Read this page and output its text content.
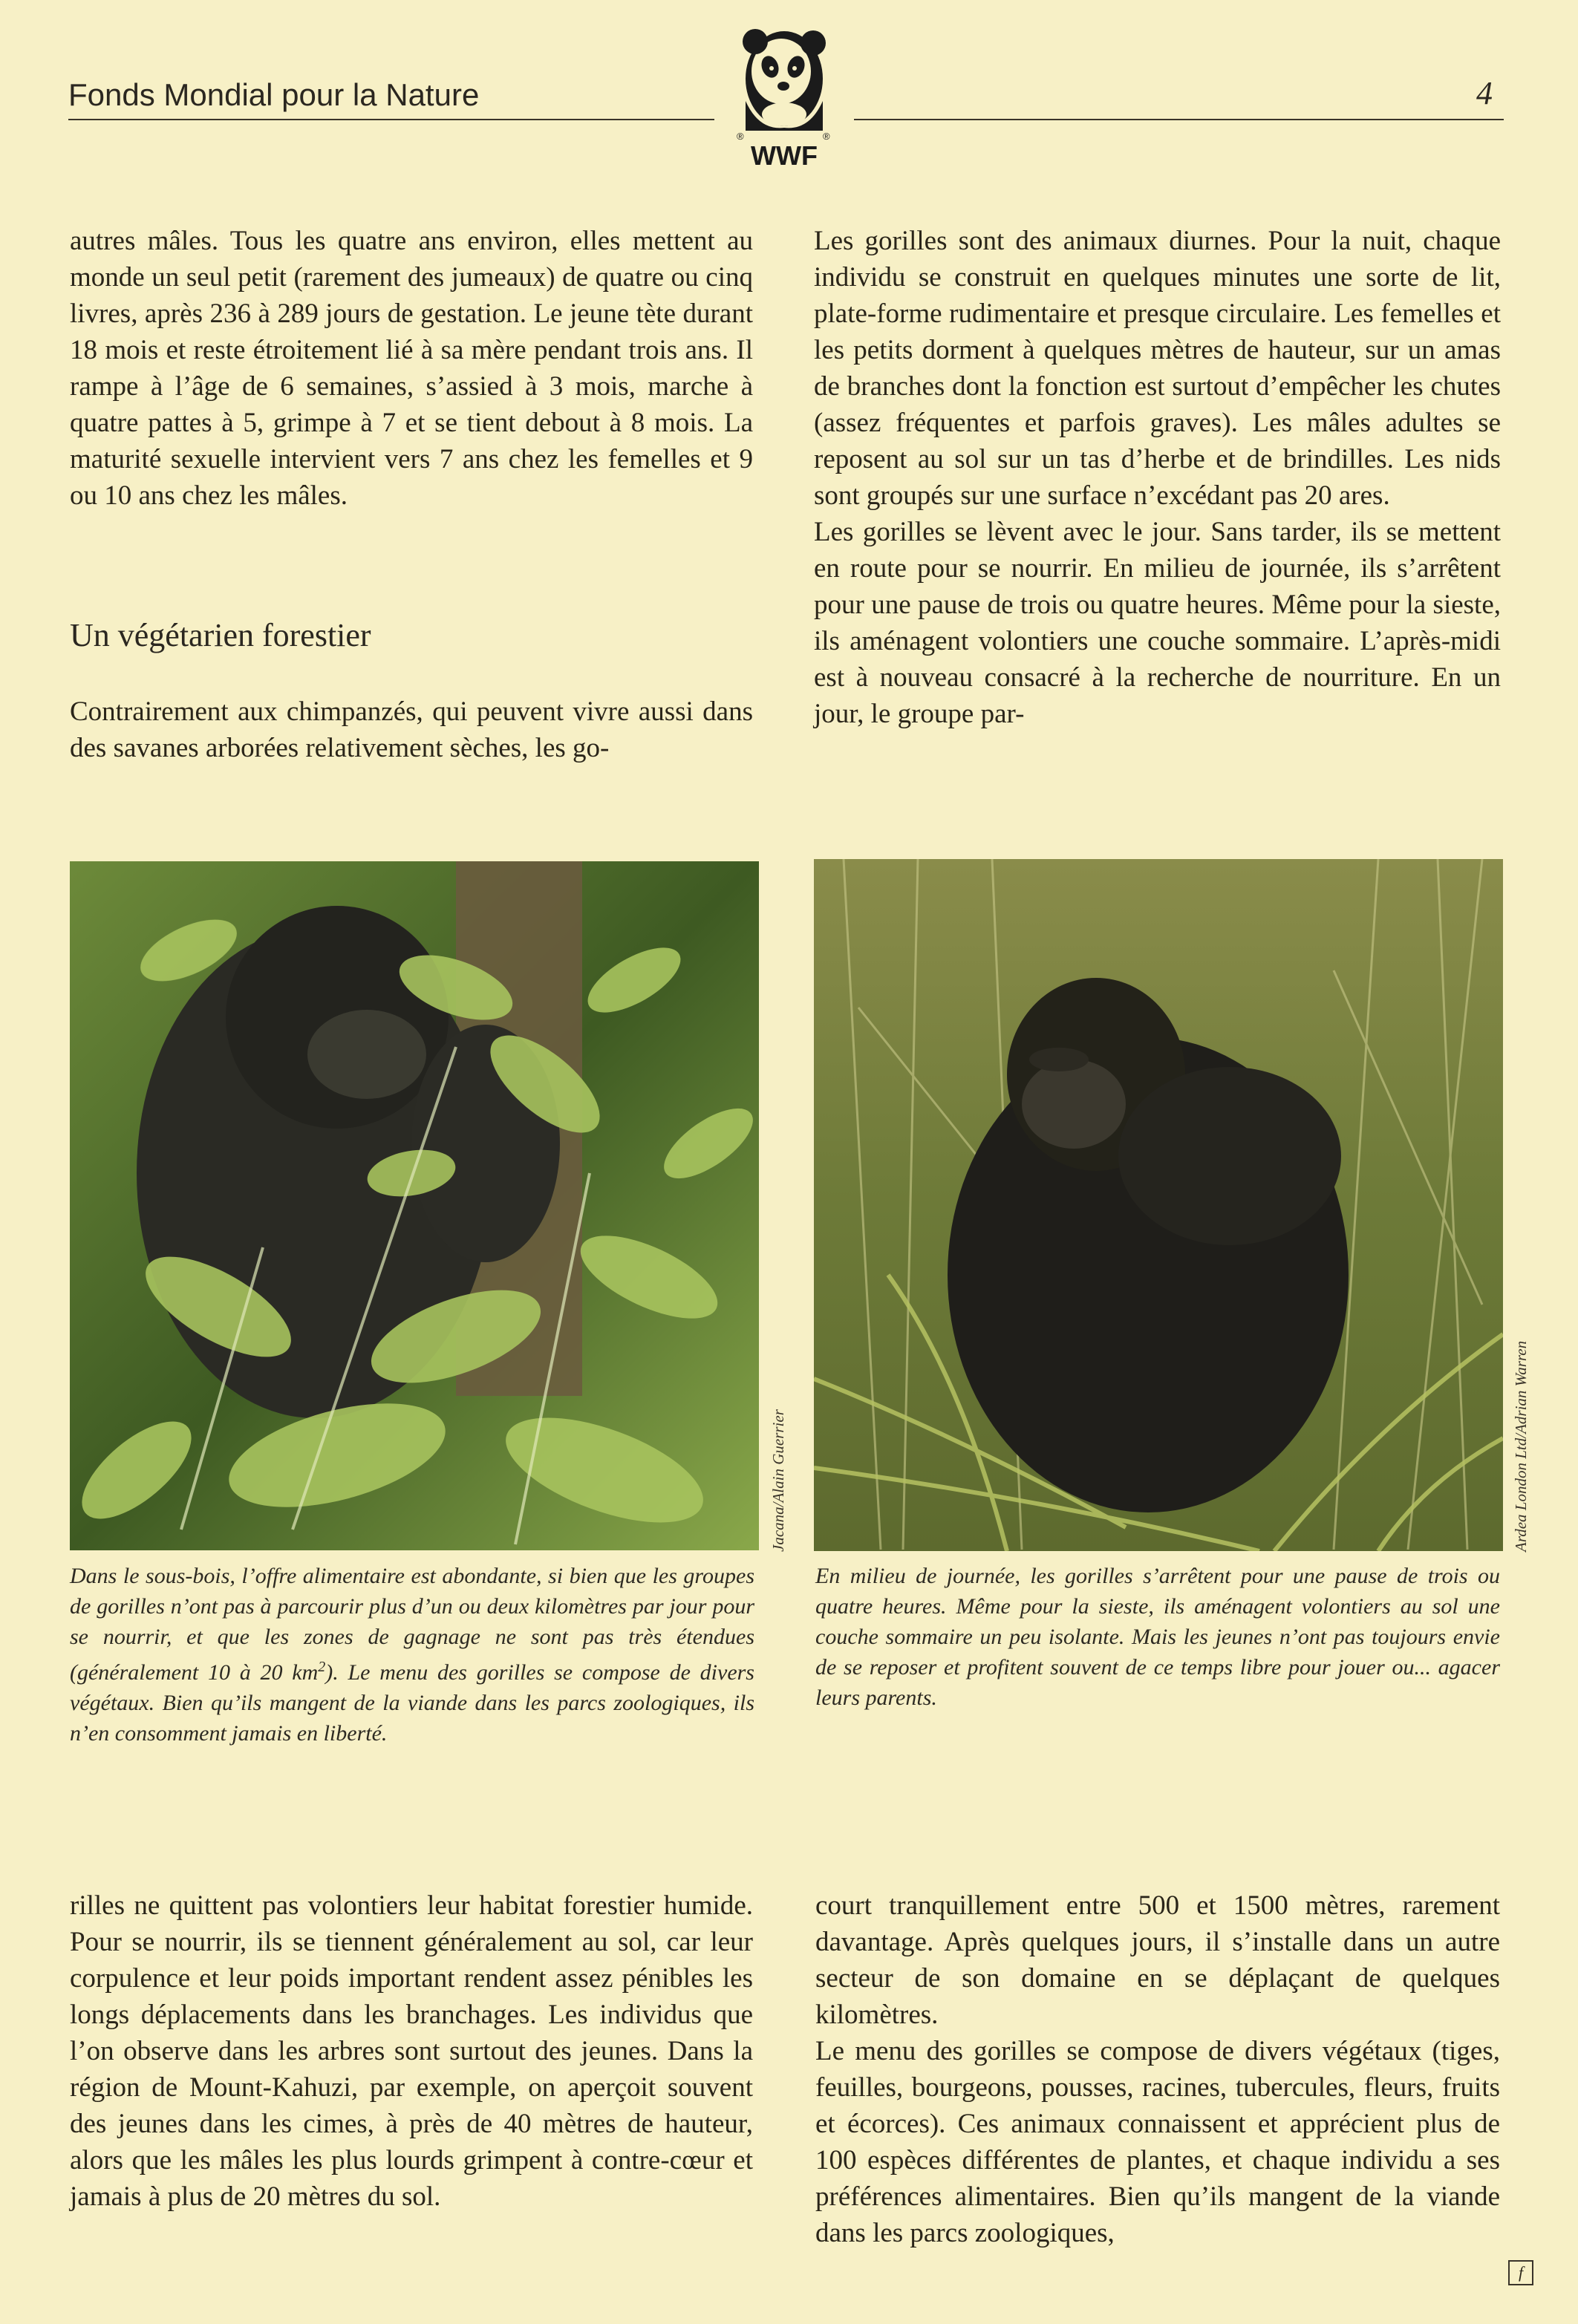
Fonds Mondial pour la Nature	4
®	®
WWF

autres mâles. Tous les quatre ans environ, elles mettent au monde un seul petit (rarement des jumeaux) de quatre ou cinq livres, après 236 à 289 jours de gestation. Le jeune tète durant 18 mois et reste étroitement lié à sa mère pendant trois ans. Il rampe à l’âge de 6 semaines, s’assied à 3 mois, marche à quatre pattes à 5, grimpe à 7 et se tient debout à 8 mois. La maturité sexuelle intervient vers 7 ans chez les femelles et 9 ou 10 ans chez les mâles.

Un végétarien forestier

Contrairement aux chimpanzés, qui peuvent vivre aussi dans des savanes arborées relativement sèches, les go-

Les gorilles sont des animaux diurnes. Pour la nuit, chaque individu se construit en quelques minutes une sorte de lit, plate-forme rudimentaire et presque circulaire. Les femelles et les petits dorment à quelques mètres de hauteur, sur un amas de branches dont la fonction est surtout d’empêcher les chutes (assez fréquentes et parfois graves). Les mâles adultes se reposent au sol sur un tas d’herbe et de brindilles. Les nids sont groupés sur une surface n’excédant pas 20 ares.

Les gorilles se lèvent avec le jour. Sans tarder, ils se mettent en route pour se nourrir. En milieu de journée, ils s’arrêtent pour une pause de trois ou quatre heures. Même pour la sieste, ils aménagent volontiers une couche sommaire. L’après-midi est à nouveau consacré à la recherche de nourriture. En un jour, le groupe par-

Jacana/Alain Guerrier	Ardea London Ltd/Adrian Warren
Dans le sous-bois, l’offre alimentaire est abondante, si bien que les groupes de gorilles n’ont pas à parcourir plus d’un ou deux kilomètres par jour pour se nourrir, et que les zones de gagnage ne sont pas très étendues (généralement 10 à 20 $km^2$). Le menu des gorilles se compose de divers végétaux. Bien qu’ils mangent de la viande dans les parcs zoologiques, ils n’en consomment jamais en liberté.
En milieu de journée, les gorilles s’arrêtent pour une pause de trois ou quatre heures. Même pour la sieste, ils aménagent volontiers au sol une couche sommaire un peu isolante. Mais les jeunes n’ont pas toujours envie de se reposer et profitent souvent de ce temps libre pour jouer ou... agacer leurs parents.

rilles ne quittent pas volontiers leur habitat forestier humide. Pour se nourrir, ils se tiennent généralement au sol, car leur corpulence et leur poids important rendent assez pénibles les longs déplacements dans les branchages. Les individus que l’on observe dans les arbres sont surtout des jeunes. Dans la région de Mount-Kahuzi, par exemple, on aperçoit souvent des jeunes dans les cimes, à près de 40 mètres de hauteur, alors que les mâles les plus lourds grimpent à contre-cœur et jamais à plus de 20 mètres du sol.

court tranquillement entre 500 et 1500 mètres, rarement davantage. Après quelques jours, il s’installe dans un autre secteur de son domaine en se déplaçant de quelques kilomètres.

Le menu des gorilles se compose de divers végétaux (tiges, feuilles, bourgeons, pousses, racines, tubercules, fleurs, fruits et écorces). Ces animaux connaissent et apprécient plus de 100 espèces différentes de plantes, et chaque individu a ses préférences alimentaires. Bien qu’ils mangent de la viande dans les parcs zoologiques,

f
